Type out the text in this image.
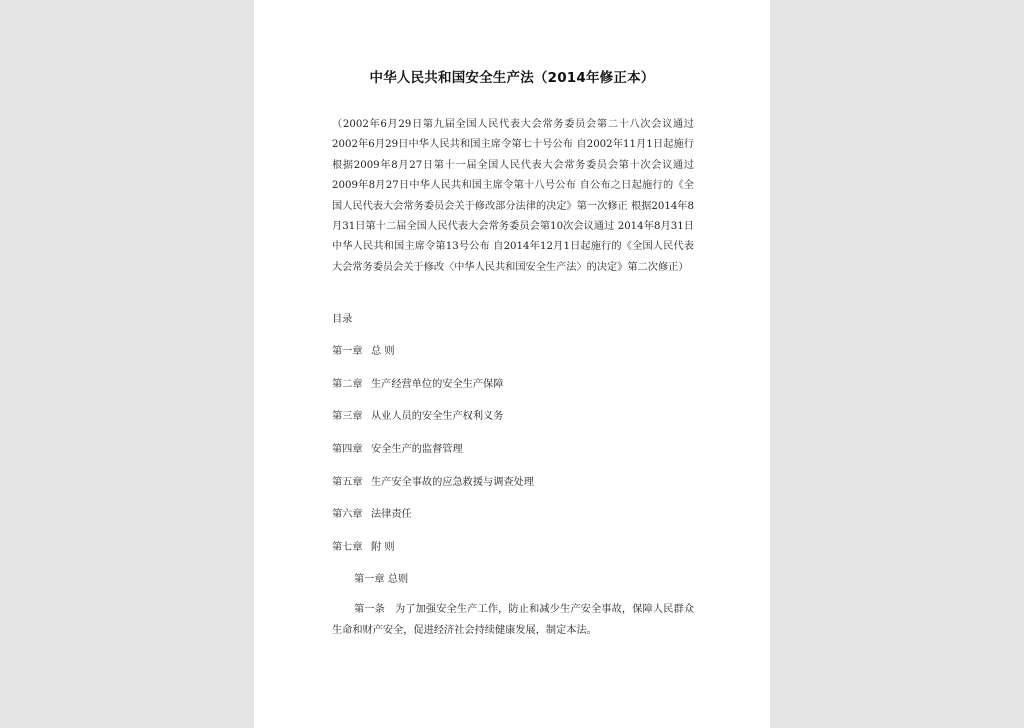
中华人民共和国安全生产法（2014年修正本）
（2002年6月29日第九届全国人民代表大会常务委员会第二十八次会议通过 2002年6月29日中华人民共和国主席令第七十号公布 自2002年11月1日起施行 根据2009年8月27日第十一届全国人民代表大会常务委员会第十次会议通过 2009年8月27日中华人民共和国主席令第十八号公布 自公布之日起施行的《全国人民代表大会常务委员会关于修改部分法律的决定》第一次修正 根据2014年8月31日第十二届全国人民代表大会常务委员会第10次会议通过 2014年8月31日中华人民共和国主席令第13号公布 自2014年12月1日起施行的《全国人民代表大会常务委员会关于修改〈中华人民共和国安全生产法〉的决定》第二次修正）
目录
第一章 总 则
第二章 生产经营单位的安全生产保障
第三章 从业人员的安全生产权利义务
第四章 安全生产的监督管理
第五章 生产安全事故的应急救援与调查处理
第六章 法律责任
第七章 附 则
第一章 总则
第一条 为了加强安全生产工作，防止和减少生产安全事故，保障人民群众生命和财产安全，促进经济社会持续健康发展，制定本法。
